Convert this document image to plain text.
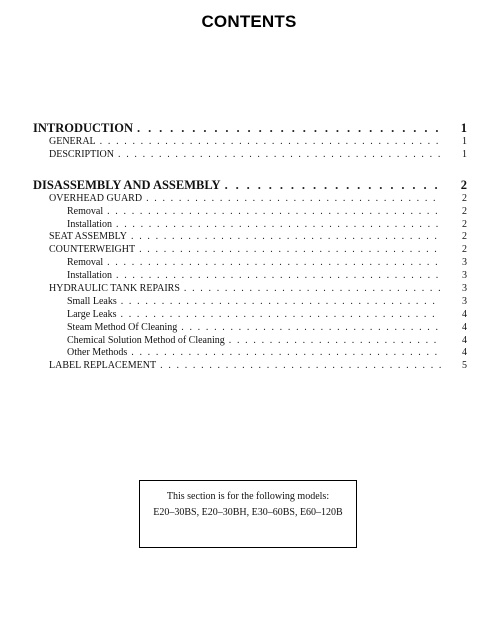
CONTENTS
INTRODUCTION . . .	1
GENERAL . . .	1
DESCRIPTION . . .	1
DISASSEMBLY AND ASSEMBLY . . .	2
OVERHEAD GUARD . . .	2
Removal . . .	2
Installation . . .	2
SEAT ASSEMBLY . . .	2
COUNTERWEIGHT . . .	2
Removal . . .	3
Installation . . .	3
HYDRAULIC TANK REPAIRS . . .	3
Small Leaks . . .	3
Large Leaks . . .	4
Steam Method Of Cleaning . . .	4
Chemical Solution Method of Cleaning . . .	4
Other Methods . . .	4
LABEL REPLACEMENT . . .	5
This section is for the following models:
E20–30BS, E20–30BH, E30–60BS, E60–120B
